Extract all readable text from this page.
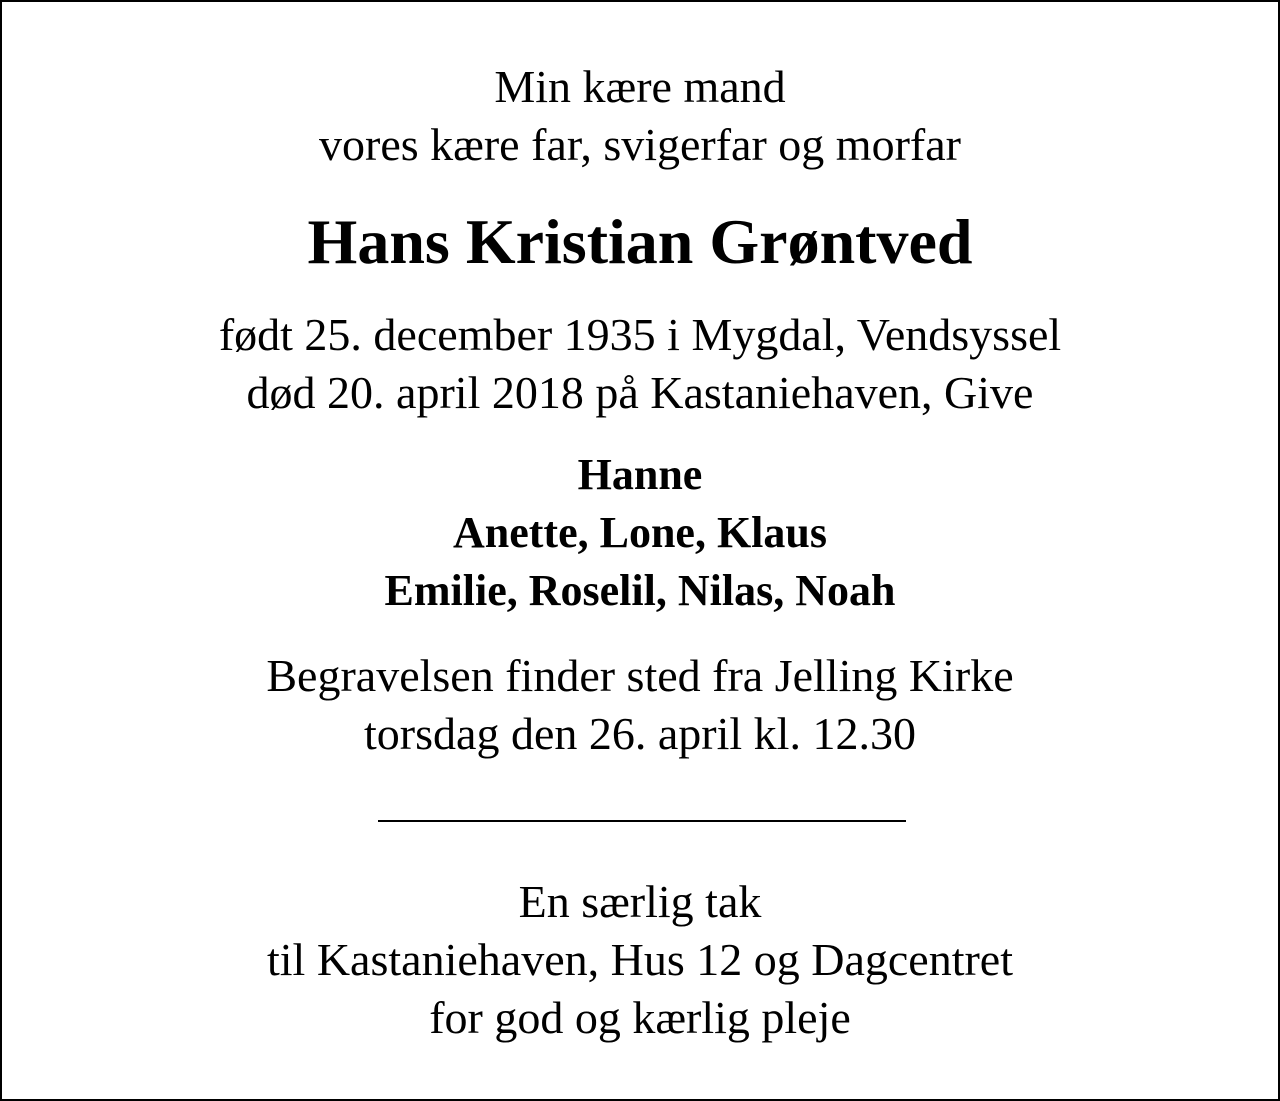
Min kære mand
vores kære far, svigerfar og morfar
Hans Kristian Grøntved
født 25. december 1935 i Mygdal, Vendsyssel
død 20. april 2018 på Kastaniehaven, Give
Hanne
Anette, Lone, Klaus
Emilie, Roselil, Nilas, Noah
Begravelsen finder sted fra Jelling Kirke
torsdag den 26. april kl. 12.30
En særlig tak
til Kastaniehaven, Hus 12 og Dagcentret
for god og kærlig pleje
